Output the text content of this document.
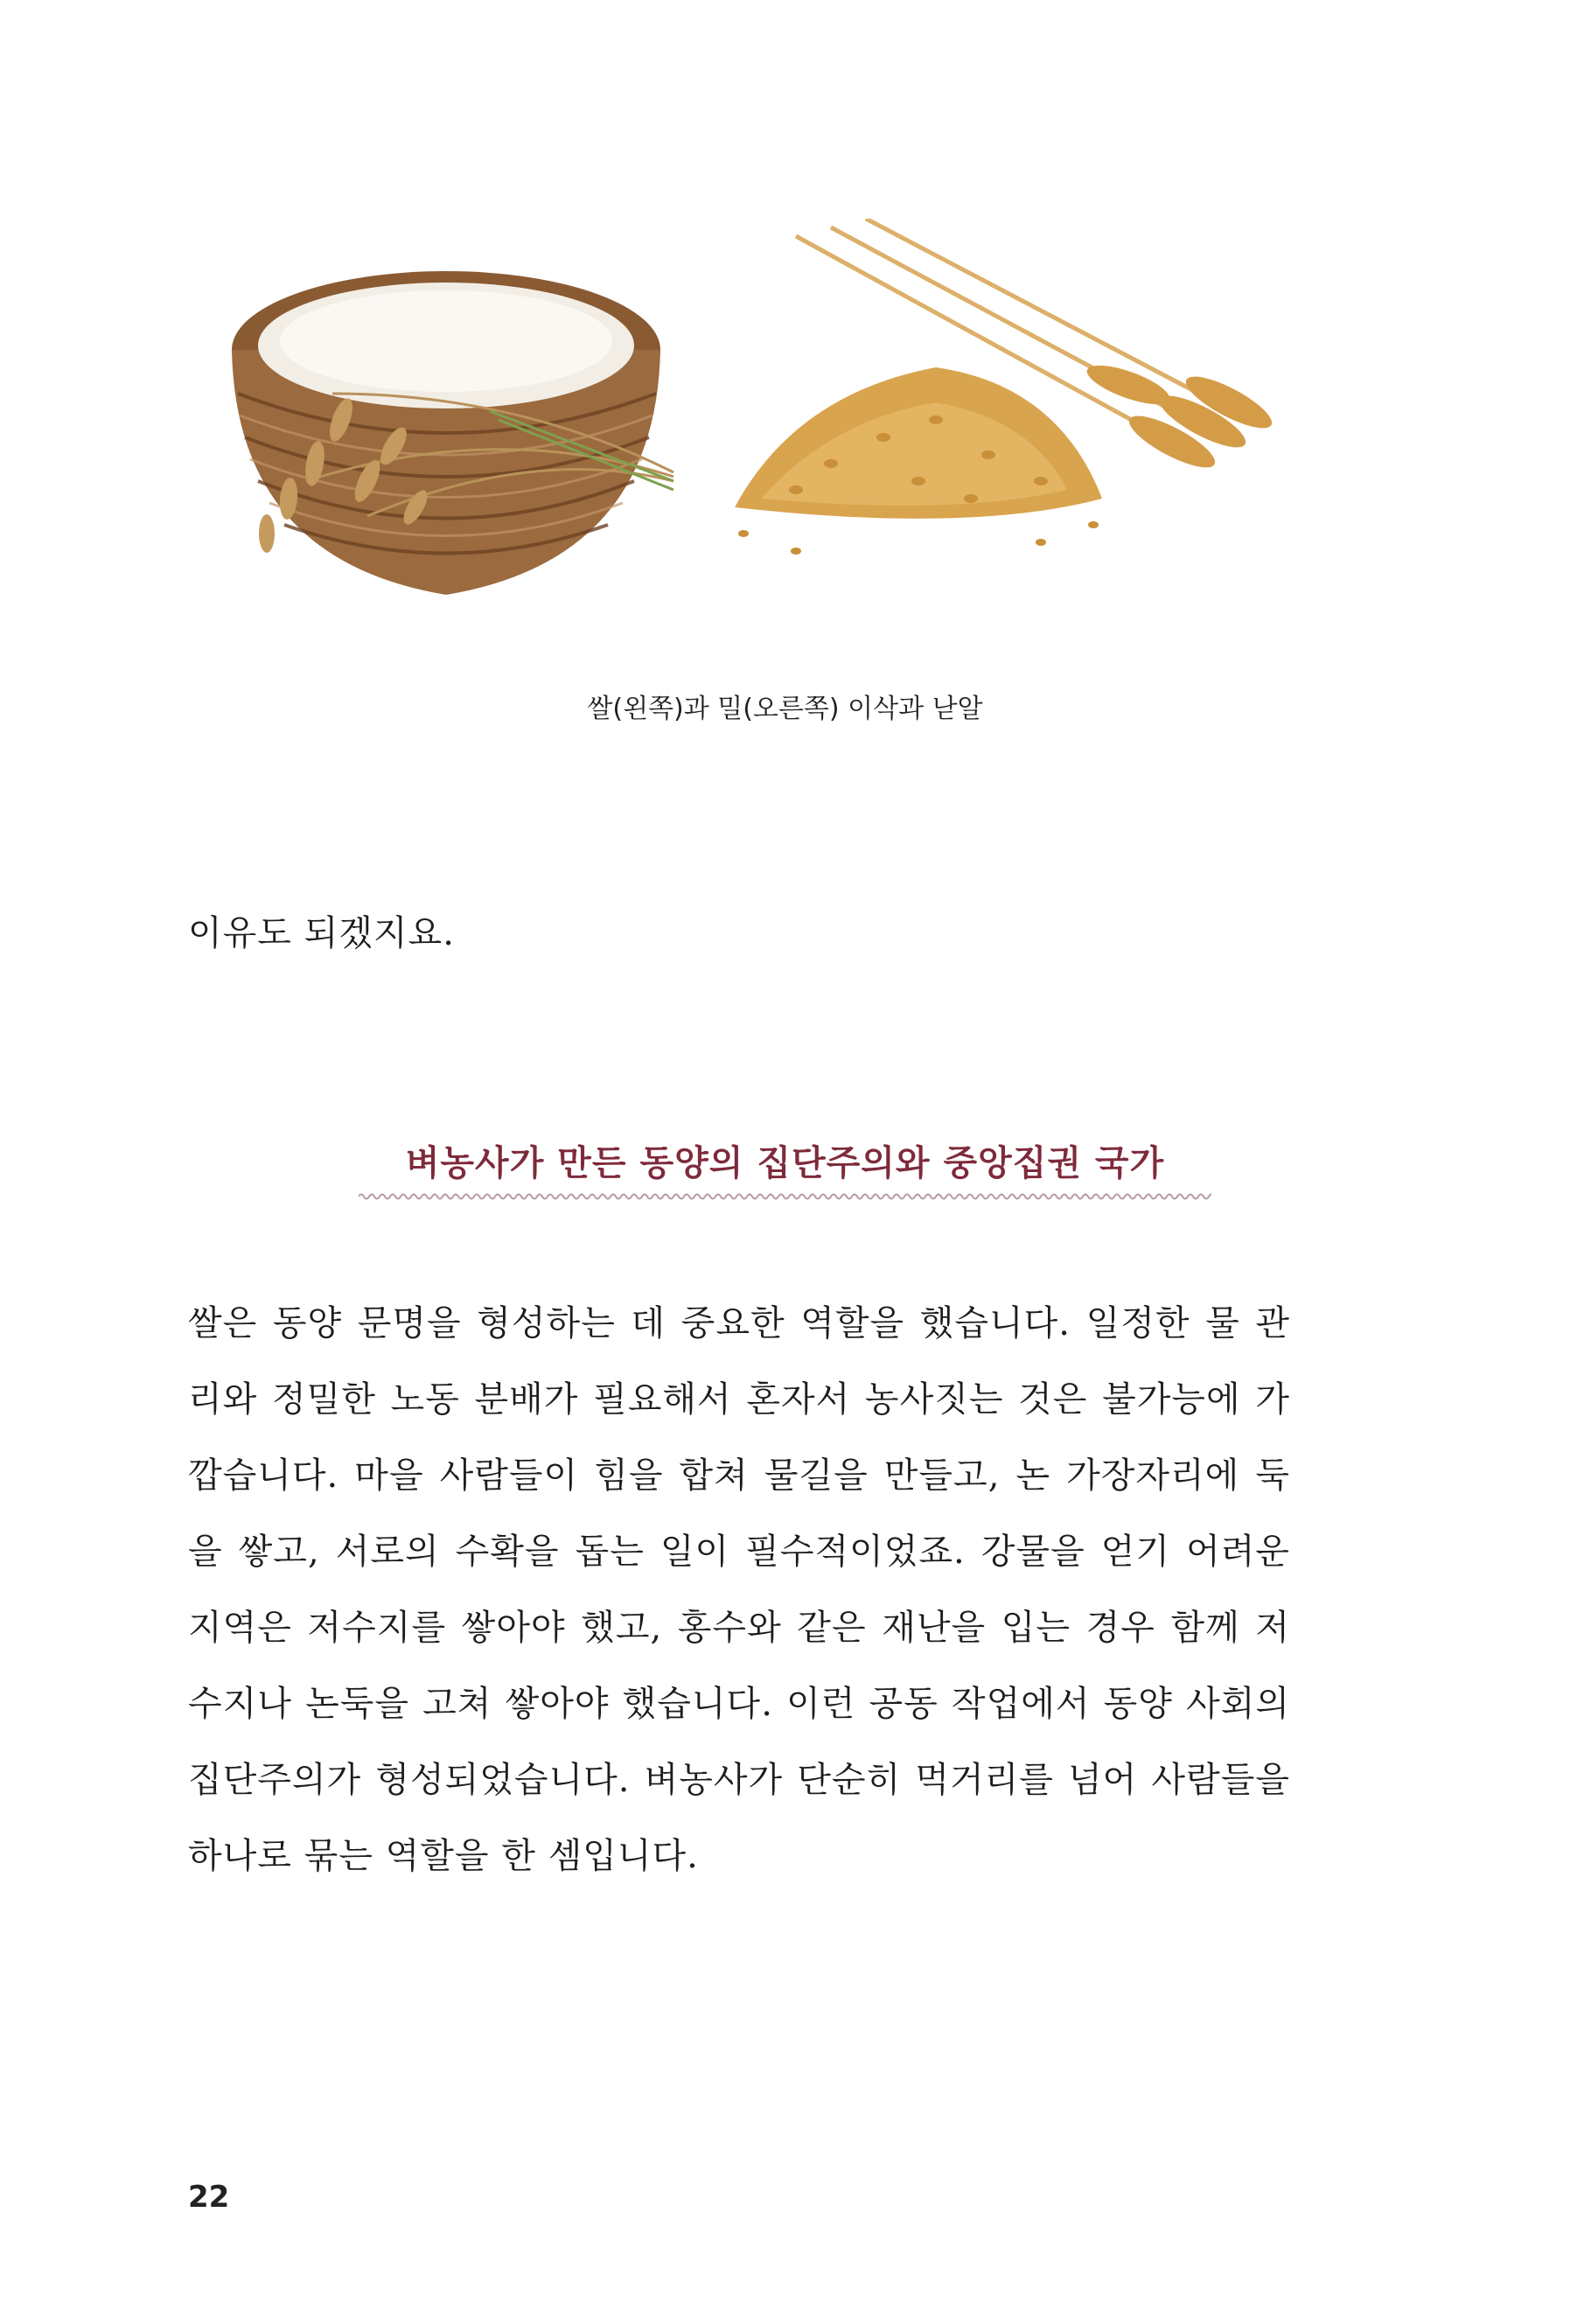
쌀(왼쪽)과 밀(오른쪽) 이삭과 낟알
이유도 되겠지요.
벼농사가 만든 동양의 집단주의와 중앙집권 국가

쌀은 동양 문명을 형성하는 데 중요한 역할을 했습니다. 일정한 물 관리와 정밀한 노동 분배가 필요해서 혼자서 농사짓는 것은 불가능에 가깝습니다. 마을 사람들이 힘을 합쳐 물길을 만들고, 논 가장자리에 둑을 쌓고, 서로의 수확을 돕는 일이 필수적이었죠. 강물을 얻기 어려운 지역은 저수지를 쌓아야 했고, 홍수와 같은 재난을 입는 경우 함께 저수지나 논둑을 고쳐 쌓아야 했습니다. 이런 공동 작업에서 동양 사회의 집단주의가 형성되었습니다. 벼농사가 단순히 먹거리를 넘어 사람들을 하나로 묶는 역할을 한 셈입니다.

22
